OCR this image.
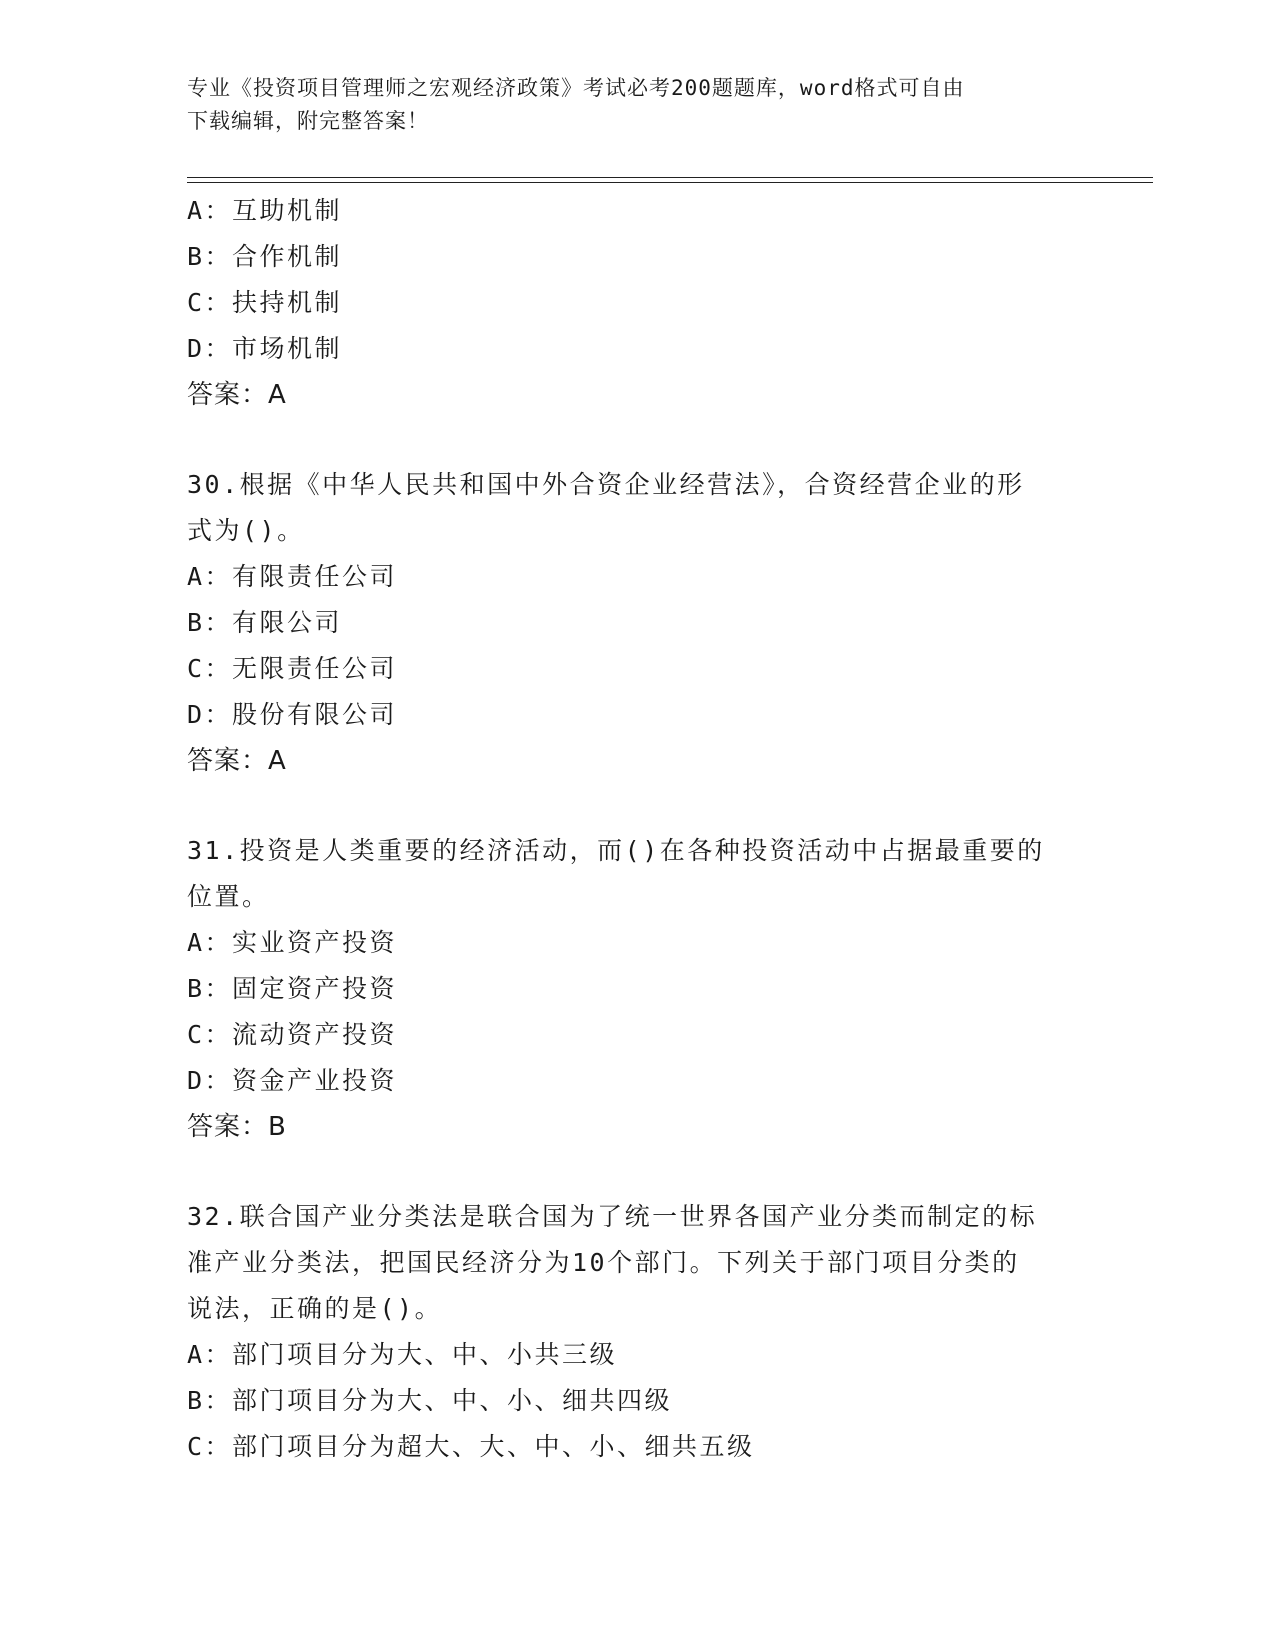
专业《投资项目管理师之宏观经济政策》考试必考200题题库，word格式可自由
下载编辑，附完整答案！
A：互助机制
B：合作机制
C：扶持机制
D：市场机制
答案：A
30.根据《中华人民共和国中外合资企业经营法》，合资经营企业的形
式为()。
A：有限责任公司
B：有限公司
C：无限责任公司
D：股份有限公司
答案：A
31.投资是人类重要的经济活动，而()在各种投资活动中占据最重要的
位置。
A：实业资产投资
B：固定资产投资
C：流动资产投资
D：资金产业投资
答案：B
32.联合国产业分类法是联合国为了统一世界各国产业分类而制定的标
准产业分类法，把国民经济分为10个部门。下列关于部门项目分类的
说法，正确的是()。
A：部门项目分为大、中、小共三级
B：部门项目分为大、中、小、细共四级
C：部门项目分为超大、大、中、小、细共五级
